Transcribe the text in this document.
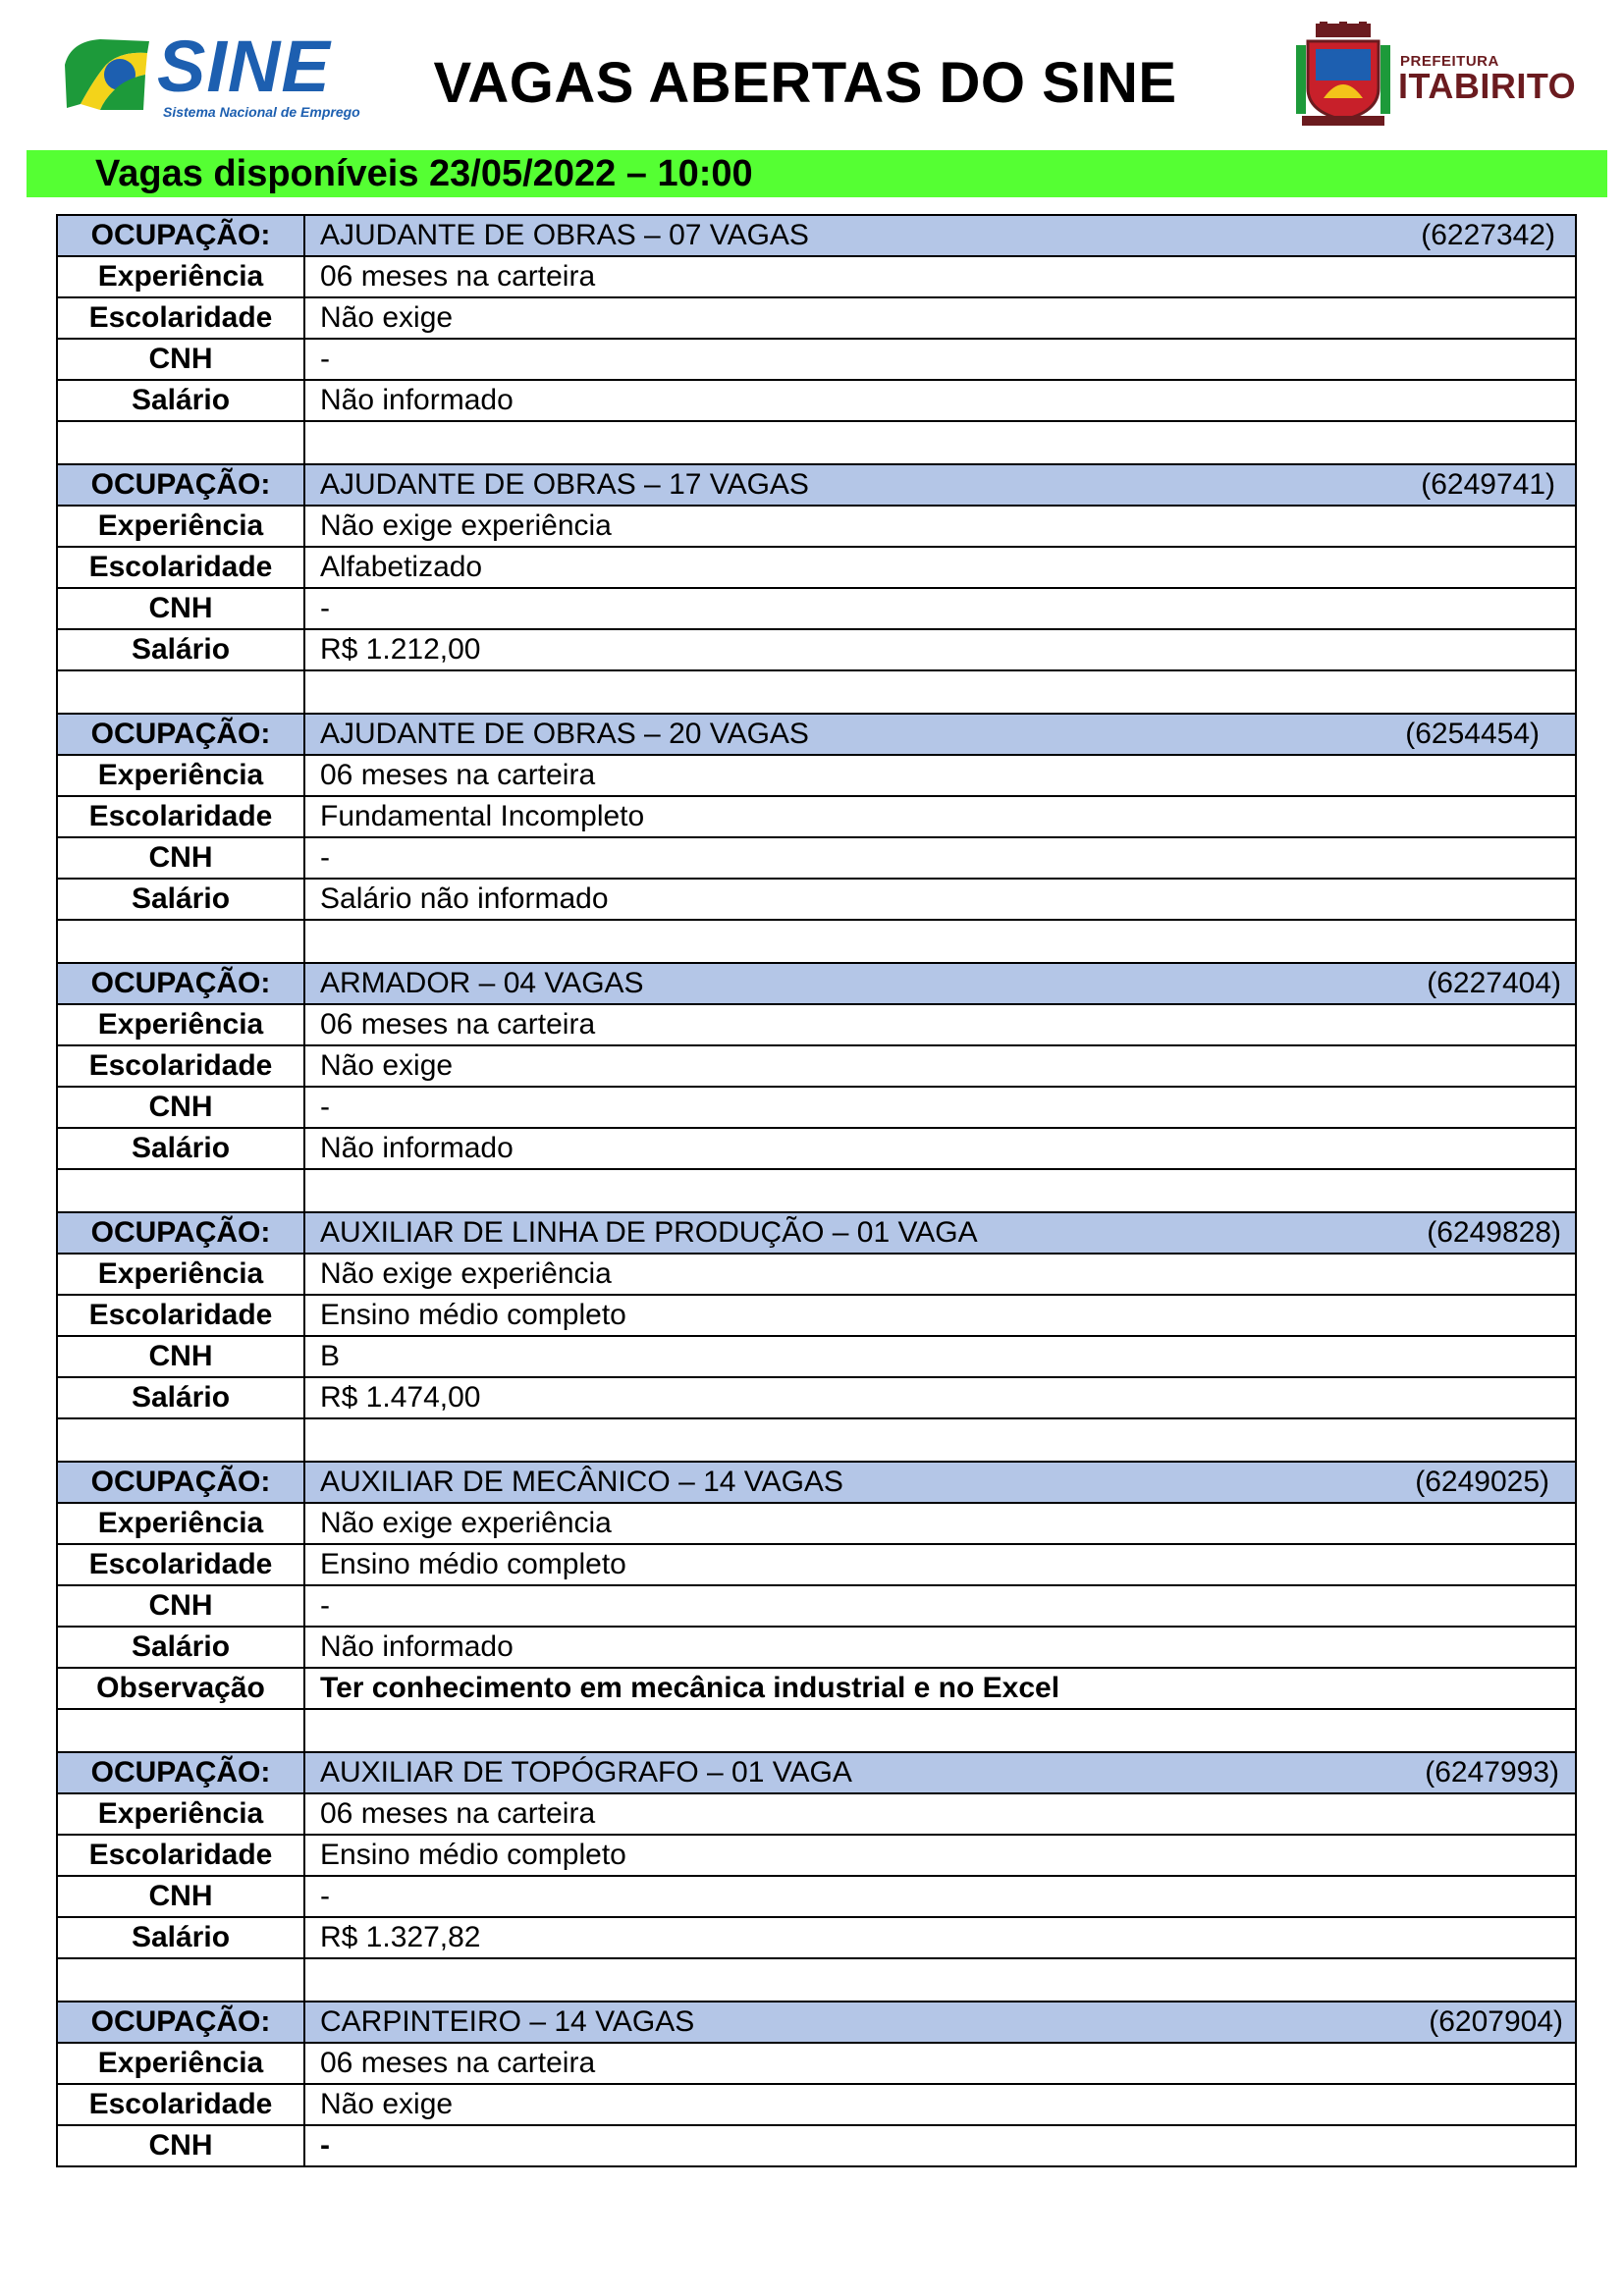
SINE
Sistema Nacional de Emprego	VAGAS ABERTAS DO SINE	PREFEITURA
ITABIRITO
Vagas disponíveis 23/05/2022 – 10:00
OCUPAÇÃO:	AJUDANTE DE OBRAS – 07 VAGAS (6227342)

Experiência	06 meses na carteira
Escolaridade	Não exige
CNH	-
Salário	Não informado

OCUPAÇÃO:	AJUDANTE DE OBRAS – 17 VAGAS (6249741)

Experiência	Não exige experiência
Escolaridade	Alfabetizado
CNH	-
Salário	R$ 1.212,00

OCUPAÇÃO:	AJUDANTE DE OBRAS – 20 VAGAS (6254454)

Experiência	06 meses na carteira
Escolaridade	Fundamental Incompleto
CNH	-
Salário	Salário não informado

OCUPAÇÃO:	ARMADOR – 04 VAGAS (6227404)

Experiência	06 meses na carteira
Escolaridade	Não exige
CNH	-
Salário	Não informado

OCUPAÇÃO:	AUXILIAR DE LINHA DE PRODUÇÃO – 01 VAGA (6249828)

Experiência	Não exige experiência
Escolaridade	Ensino médio completo
CNH	B
Salário	R$ 1.474,00

OCUPAÇÃO:	AUXILIAR DE MECÂNICO – 14 VAGAS (6249025)

Experiência	Não exige experiência
Escolaridade	Ensino médio completo
CNH	-
Salário	Não informado
Observação	Ter conhecimento em mecânica industrial e no Excel

OCUPAÇÃO:	AUXILIAR DE TOPÓGRAFO – 01 VAGA (6247993)

Experiência	06 meses na carteira
Escolaridade	Ensino médio completo
CNH	-
Salário	R$ 1.327,82

OCUPAÇÃO:	CARPINTEIRO – 14 VAGAS (6207904)

Experiência	06 meses na carteira
Escolaridade	Não exige
CNH	-
